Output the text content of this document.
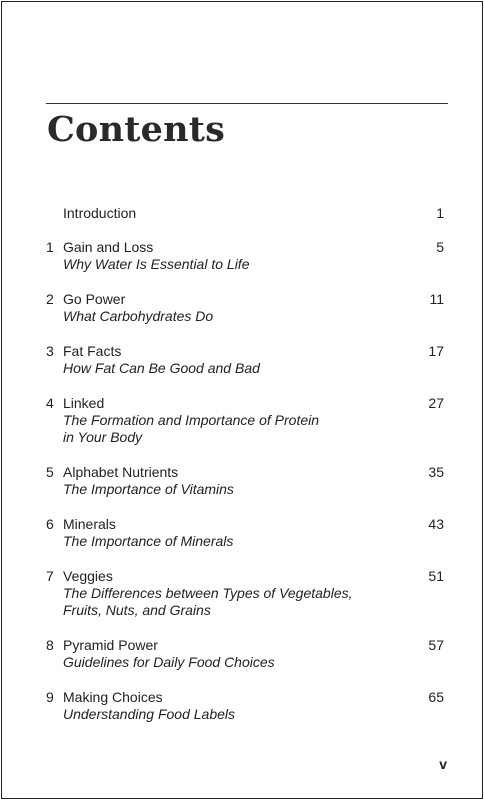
Contents
Introduction	1
1 Gain and Loss
Why Water Is Essential to Life
5
2 Go Power
What Carbohydrates Do
11
3 Fat Facts
How Fat Can Be Good and Bad
17
4 Linked
The Formation and Importance of Protein
in Your Body
27
5 Alphabet Nutrients
The Importance of Vitamins
35
6 Minerals
The Importance of Minerals
43
7 Veggies
The Differences between Types of Vegetables,
Fruits, Nuts, and Grains
51
8 Pyramid Power
Guidelines for Daily Food Choices
57
9 Making Choices
Understanding Food Labels
65
v
